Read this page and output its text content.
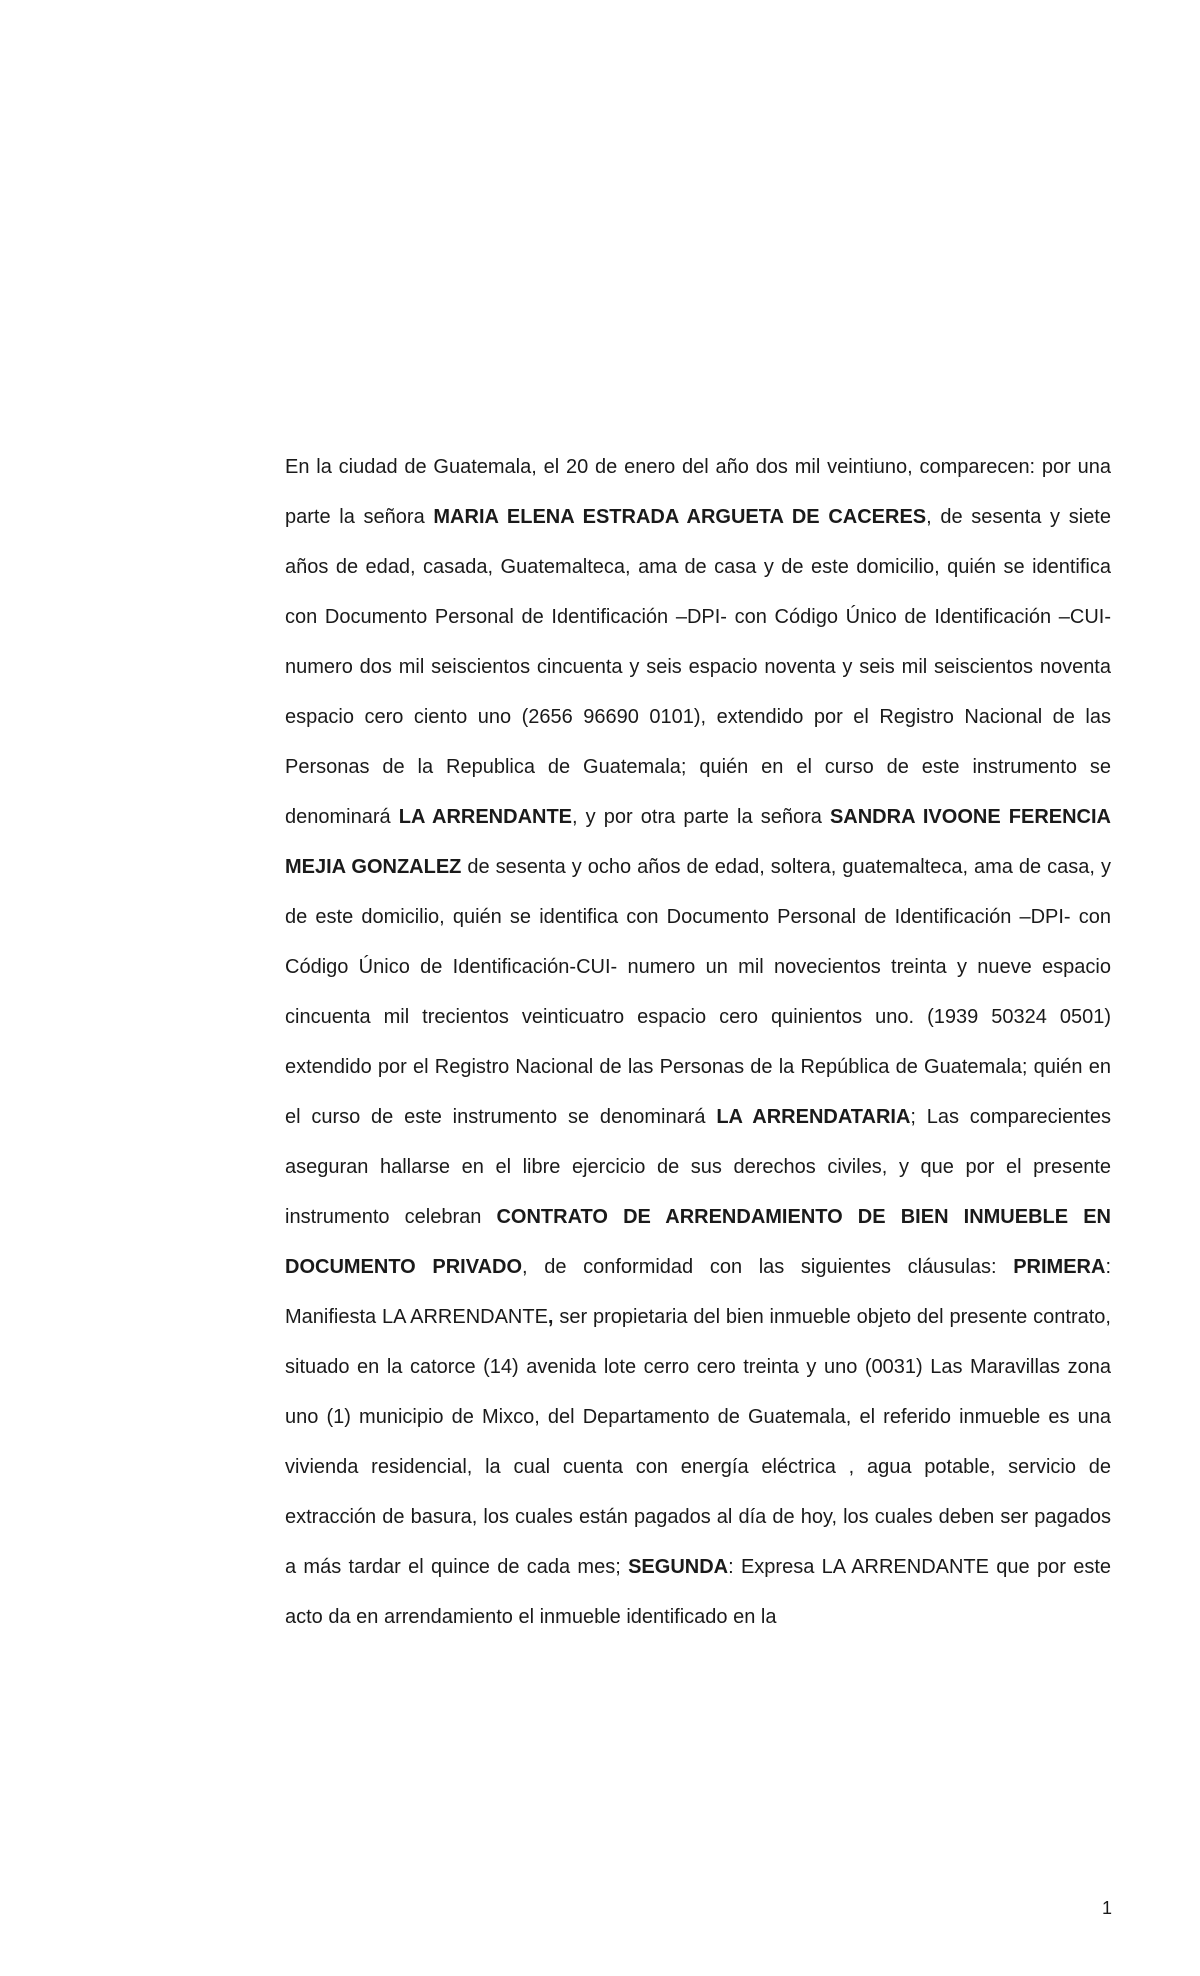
En la ciudad de Guatemala, el 20 de enero del año dos mil veintiuno, comparecen: por una parte la señora MARIA ELENA ESTRADA ARGUETA DE CACERES, de sesenta y siete años de edad, casada, Guatemalteca, ama de casa y de este domicilio, quién se identifica con Documento Personal de Identificación –DPI- con Código Único de Identificación –CUI- numero dos mil seiscientos cincuenta y seis espacio noventa y seis mil seiscientos noventa espacio cero ciento uno (2656 96690 0101), extendido por el Registro Nacional de las Personas de la Republica de Guatemala; quién en el curso de este instrumento se denominará LA ARRENDANTE, y por otra parte la señora SANDRA IVOONE FERENCIA MEJIA GONZALEZ de sesenta y ocho años de edad, soltera, guatemalteca, ama de casa, y de este domicilio, quién se identifica con Documento Personal de Identificación –DPI- con Código Único de Identificación-CUI- numero un mil novecientos treinta y nueve espacio cincuenta mil trecientos veinticuatro espacio cero quinientos uno. (1939 50324 0501) extendido por el Registro Nacional de las Personas de la República de Guatemala; quién en el curso de este instrumento se denominará LA ARRENDATARIA; Las comparecientes aseguran hallarse en el libre ejercicio de sus derechos civiles, y que por el presente instrumento celebran CONTRATO DE ARRENDAMIENTO DE BIEN INMUEBLE EN DOCUMENTO PRIVADO, de conformidad con las siguientes cláusulas: PRIMERA: Manifiesta LA ARRENDANTE, ser propietaria del bien inmueble objeto del presente contrato, situado en la catorce (14) avenida lote cerro cero treinta y uno (0031) Las Maravillas zona uno (1) municipio de Mixco, del Departamento de Guatemala, el referido inmueble es una vivienda residencial, la cual cuenta con energía eléctrica , agua potable, servicio de extracción de basura, los cuales están pagados al día de hoy, los cuales deben ser pagados a más tardar el quince de cada mes; SEGUNDA: Expresa LA ARRENDANTE que por este acto da en arrendamiento el inmueble identificado en la

1
